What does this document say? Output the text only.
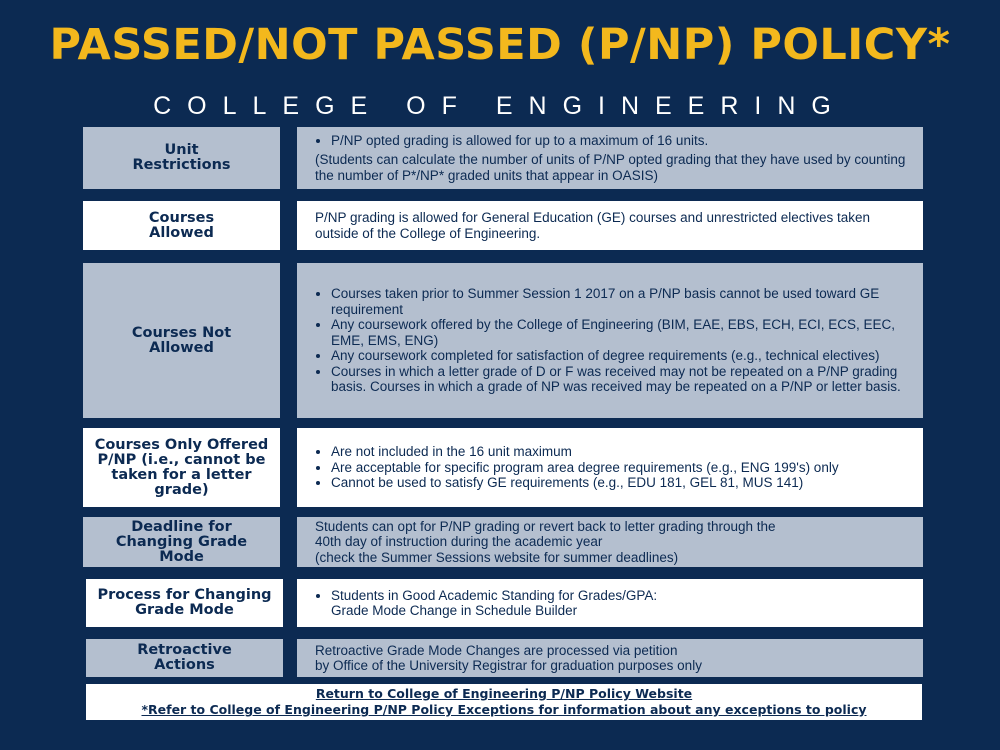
PASSED/NOT PASSED (P/NP) POLICY*
COLLEGE OF ENGINEERING
Unit Restrictions
• P/NP opted grading is allowed for up to a maximum of 16 units.

(Students can calculate the number of units of P/NP opted grading that they have used by counting the number of P*/NP* graded units that appear in OASIS)

Courses Allowed

P/NP grading is allowed for General Education (GE) courses and unrestricted electives taken outside of the College of Engineering.

Courses Not Allowed
• Courses taken prior to Summer Session 1 2017 on a P/NP basis cannot be used toward GE requirement
• Any coursework offered by the College of Engineering (BIM, EAE, EBS, ECH, ECI, ECS, EEC, EME, EMS, ENG)
• Any coursework completed for satisfaction of degree requirements (e.g., technical electives)
• Courses in which a letter grade of D or F was received may not be repeated on a P/NP grading basis. Courses in which a grade of NP was received may be repeated on a P/NP or letter basis.
Courses Only Offered P/NP (i.e., cannot be taken for a letter grade)
• Are not included in the 16 unit maximum
• Are acceptable for specific program area degree requirements (e.g., ENG 199's) only
• Cannot be used to satisfy GE requirements (e.g., EDU 181, GEL 81, MUS 141)
Deadline for Changing Grade Mode

Students can opt for P/NP grading or revert back to letter grading through the

40th day of instruction during the academic year

(check the Summer Sessions website for summer deadlines)

Process for Changing Grade Mode
• Students in Good Academic Standing for Grades/GPA:

Grade Mode Change in Schedule Builder

Retroactive Actions

Retroactive Grade Mode Changes are processed via petition

by Office of the University Registrar for graduation purposes only

Return to College of Engineering P/NP Policy Website
*Refer to College of Engineering P/NP Policy Exceptions for information about any exceptions to policy
